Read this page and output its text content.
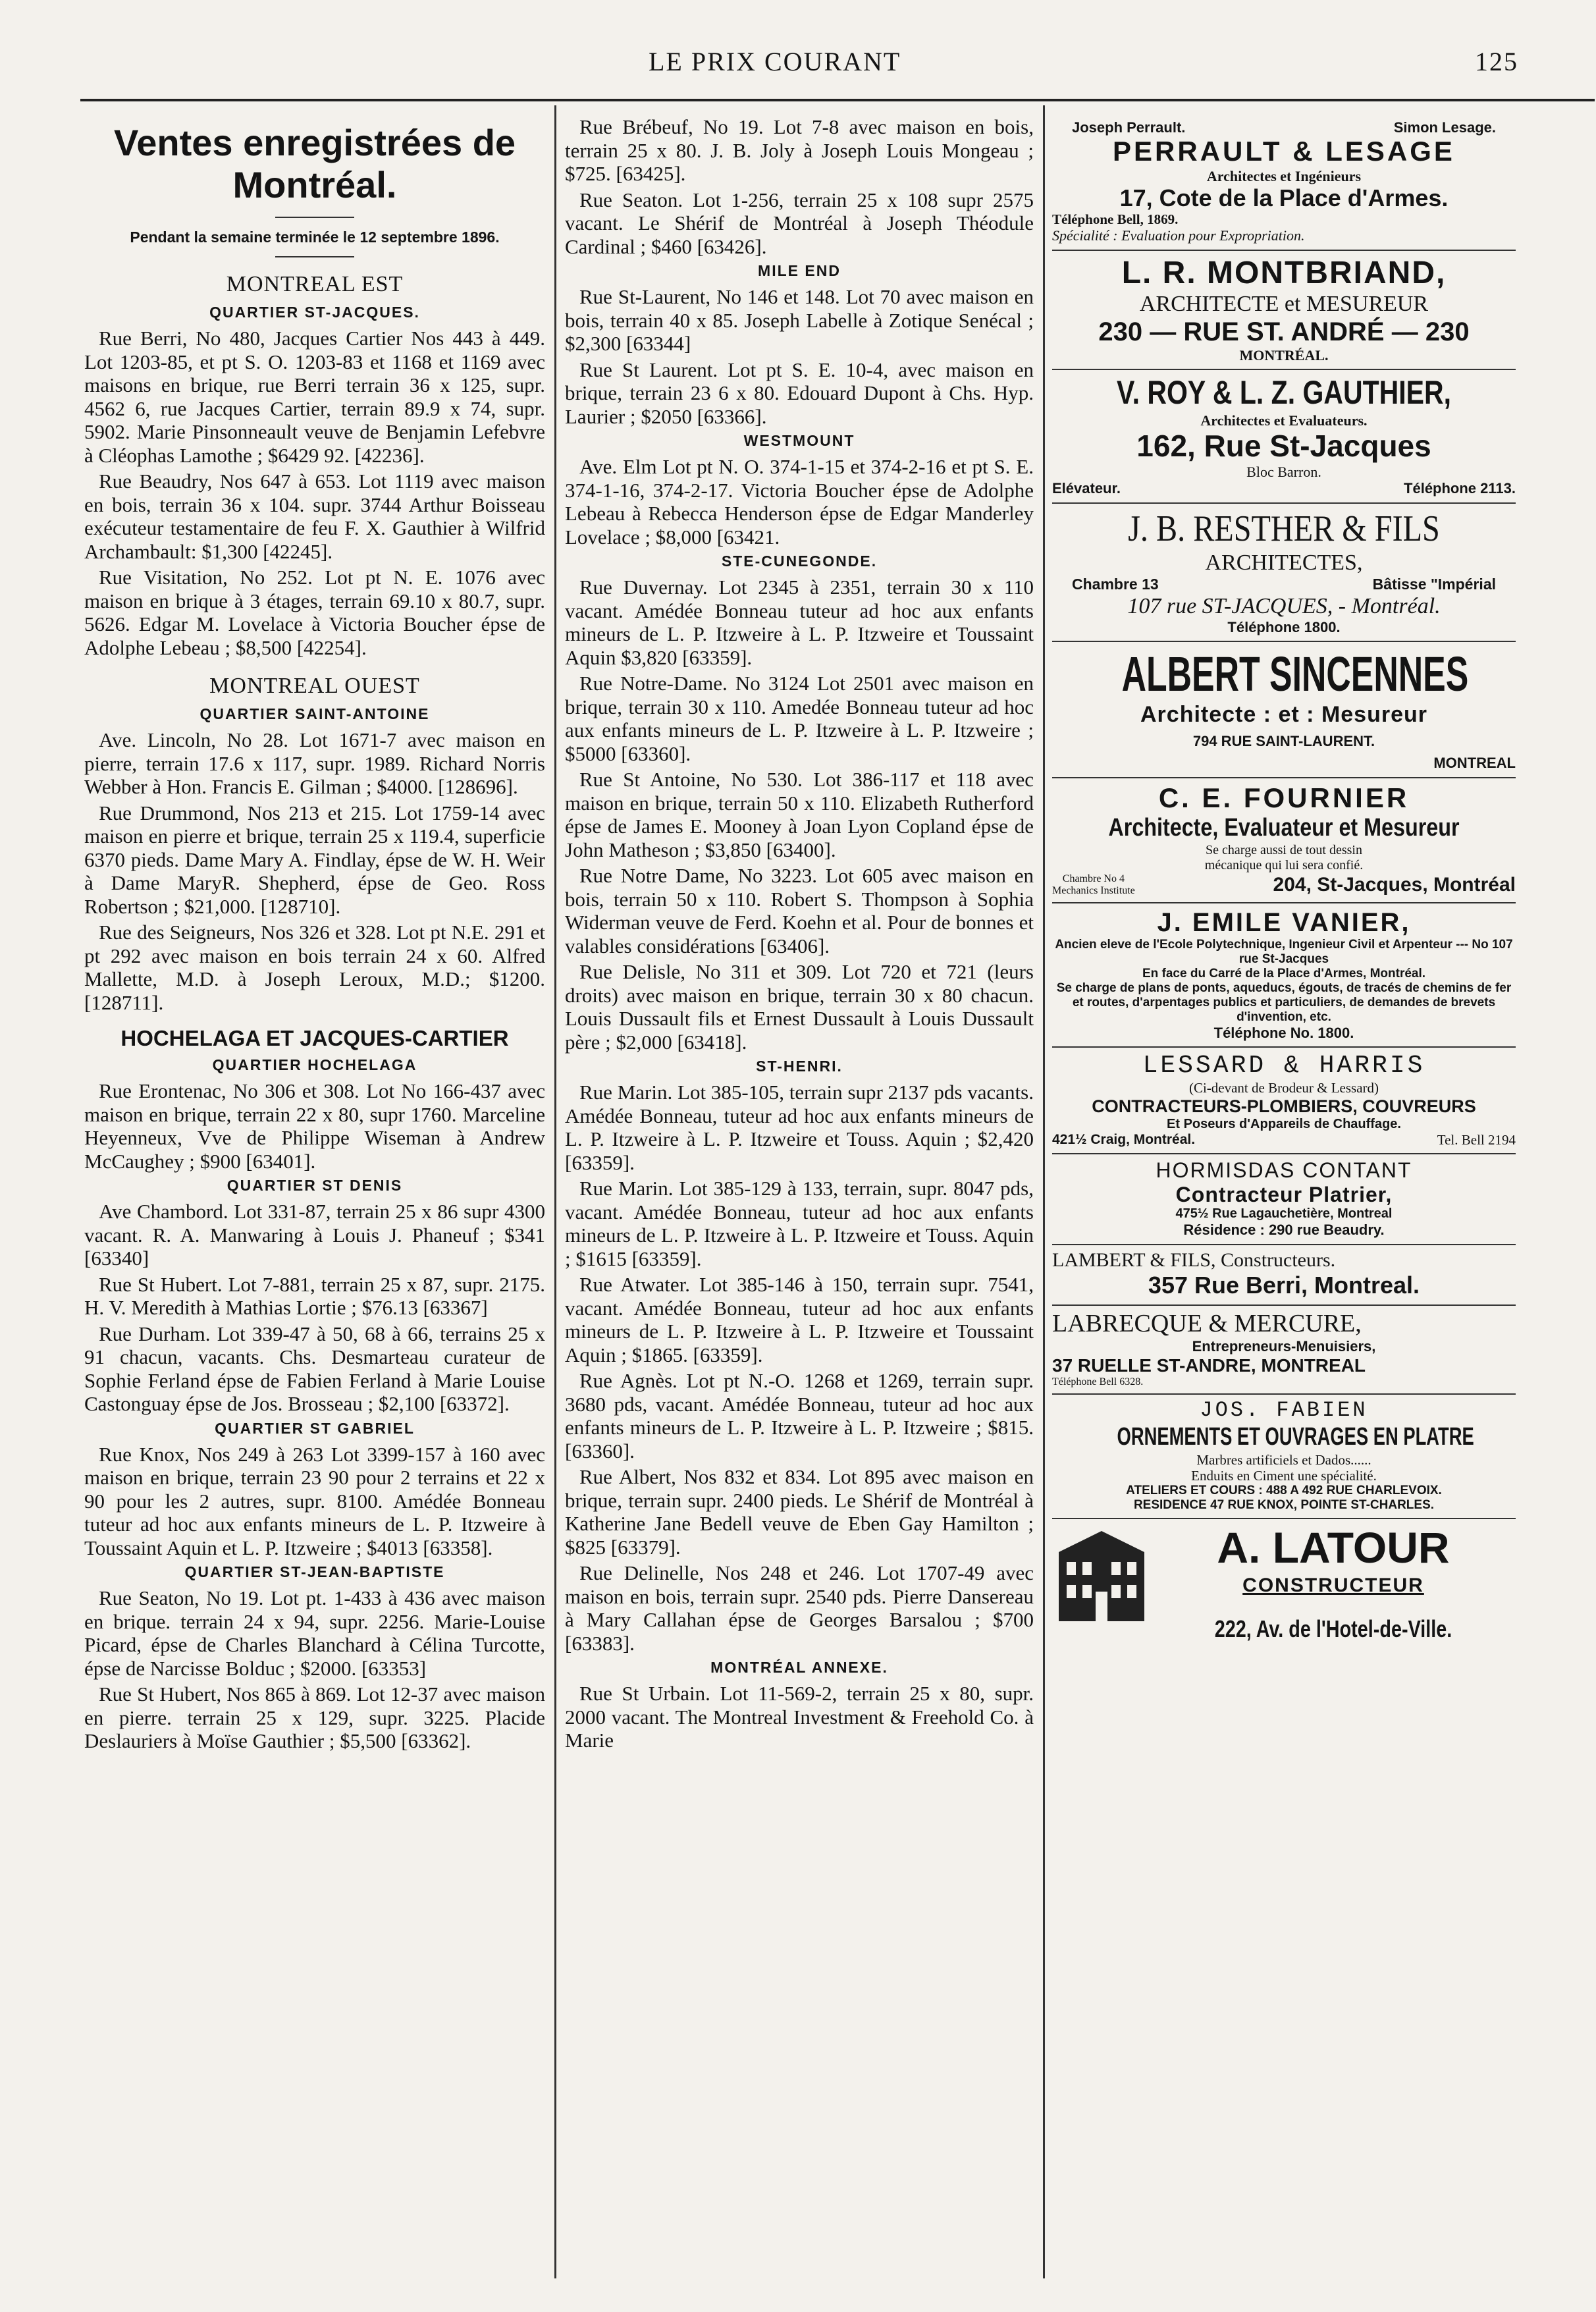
LE PRIX COURANT	125
Ventes enregistrées de Montréal.
Pendant la semaine terminée le 12 septembre 1896.
MONTREAL EST
QUARTIER ST-JACQUES.

Rue Berri, No 480, Jacques Cartier Nos 443 à 449. Lot 1203-85, et pt S. O. 1203-83 et 1168 et 1169 avec maisons en brique, rue Berri terrain 36 x 125, supr. 4562 6, rue Jacques Cartier, terrain 89.9 x 74, supr. 5902. Marie Pinsonneault veuve de Benjamin Lefebvre à Cléophas Lamothe ; $6429 92. [42236].

Rue Beaudry, Nos 647 à 653. Lot 1119 avec maison en bois, terrain 36 x 104. supr. 3744 Arthur Boisseau exécuteur testamentaire de feu F. X. Gauthier à Wilfrid Archambault: $1,300 [42245].

Rue Visitation, No 252. Lot pt N. E. 1076 avec maison en brique à 3 étages, terrain 69.10 x 80.7, supr. 5626. Edgar M. Lovelace à Victoria Boucher épse de Adolphe Lebeau ; $8,500 [42254].

MONTREAL OUEST
QUARTIER SAINT-ANTOINE

Ave. Lincoln, No 28. Lot 1671-7 avec maison en pierre, terrain 17.6 x 117, supr. 1989. Richard Norris Webber à Hon. Francis E. Gilman ; $4000. [128696].

Rue Drummond, Nos 213 et 215. Lot 1759-14 avec maison en pierre et brique, terrain 25 x 119.4, superficie 6370 pieds. Dame Mary A. Findlay, épse de W. H. Weir à Dame MaryR. Shepherd, épse de Geo. Ross Robertson ; $21,000. [128710].

Rue des Seigneurs, Nos 326 et 328. Lot pt N.E. 291 et pt 292 avec maison en bois terrain 24 x 60. Alfred Mallette, M.D. à Joseph Leroux, M.D.; $1200. [128711].

HOCHELAGA ET JACQUES-CARTIER
QUARTIER HOCHELAGA

Rue Erontenac, No 306 et 308. Lot No 166-437 avec maison en brique, terrain 22 x 80, supr 1760. Marceline Heyenneux, Vve de Philippe Wiseman à Andrew McCaughey ; $900 [63401].

QUARTIER ST DENIS

Ave Chambord. Lot 331-87, terrain 25 x 86 supr 4300 vacant. R. A. Manwaring à Louis J. Phaneuf ; $341 [63340]

Rue St Hubert. Lot 7-881, terrain 25 x 87, supr. 2175. H. V. Meredith à Mathias Lortie ; $76.13 [63367]

Rue Durham. Lot 339-47 à 50, 68 à 66, terrains 25 x 91 chacun, vacants. Chs. Desmarteau curateur de Sophie Ferland épse de Fabien Ferland à Marie Louise Castonguay épse de Jos. Brosseau ; $2,100 [63372].

QUARTIER ST GABRIEL

Rue Knox, Nos 249 à 263 Lot 3399-157 à 160 avec maison en brique, terrain 23 90 pour 2 terrains et 22 x 90 pour les 2 autres, supr. 8100. Amédée Bonneau tuteur ad hoc aux enfants mineurs de L. P. Itzweire à Toussaint Aquin et L. P. Itzweire ; $4013 [63358].

QUARTIER ST-JEAN-BAPTISTE

Rue Seaton, No 19. Lot pt. 1-433 à 436 avec maison en brique. terrain 24 x 94, supr. 2256. Marie-Louise Picard, épse de Charles Blanchard à Célina Turcotte, épse de Narcisse Bolduc ; $2000. [63353]

Rue St Hubert, Nos 865 à 869. Lot 12-37 avec maison en pierre. terrain 25 x 129, supr. 3225. Placide Deslauriers à Moïse Gauthier ; $5,500 [63362].

Rue Brébeuf, No 19. Lot 7-8 avec maison en bois, terrain 25 x 80. J. B. Joly à Joseph Louis Mongeau ; $725. [63425].

Rue Seaton. Lot 1-256, terrain 25 x 108 supr 2575 vacant. Le Shérif de Montréal à Joseph Théodule Cardinal ; $460 [63426].

MILE END

Rue St-Laurent, No 146 et 148. Lot 70 avec maison en bois, terrain 40 x 85. Joseph Labelle à Zotique Senécal ; $2,300 [63344]

Rue St Laurent. Lot pt S. E. 10-4, avec maison en brique, terrain 23 6 x 80. Edouard Dupont à Chs. Hyp. Laurier ; $2050 [63366].

WESTMOUNT

Ave. Elm Lot pt N. O. 374-1-15 et 374-2-16 et pt S. E. 374-1-16, 374-2-17. Victoria Boucher épse de Adolphe Lebeau à Rebecca Henderson épse de Edgar Manderley Lovelace ; $8,000 [63421.

STE-CUNEGONDE.

Rue Duvernay. Lot 2345 à 2351, terrain 30 x 110 vacant. Amédée Bonneau tuteur ad hoc aux enfants mineurs de L. P. Itzweire à L. P. Itzweire et Toussaint Aquin $3,820 [63359].

Rue Notre-Dame. No 3124 Lot 2501 avec maison en brique, terrain 30 x 110. Amedée Bonneau tuteur ad hoc aux enfants mineurs de L. P. Itzweire à L. P. Itzweire ; $5000 [63360].

Rue St Antoine, No 530. Lot 386-117 et 118 avec maison en brique, terrain 50 x 110. Elizabeth Rutherford épse de James E. Mooney à Joan Lyon Copland épse de John Matheson ; $3,850 [63400].

Rue Notre Dame, No 3223. Lot 605 avec maison en bois, terrain 50 x 110. Robert S. Thompson à Sophia Widerman veuve de Ferd. Koehn et al. Pour de bonnes et valables considérations [63406].

Rue Delisle, No 311 et 309. Lot 720 et 721 (leurs droits) avec maison en brique, terrain 30 x 80 chacun. Louis Dussault fils et Ernest Dussault à Louis Dussault père ; $2,000 [63418].

ST-HENRI.

Rue Marin. Lot 385-105, terrain supr 2137 pds vacants. Amédée Bonneau, tuteur ad hoc aux enfants mineurs de L. P. Itzweire à L. P. Itzweire et Touss. Aquin ; $2,420 [63359].

Rue Marin. Lot 385-129 à 133, terrain, supr. 8047 pds, vacant. Amédée Bonneau, tuteur ad hoc aux enfants mineurs de L. P. Itzweire à L. P. Itzweire et Touss. Aquin ; $1615 [63359].

Rue Atwater. Lot 385-146 à 150, terrain supr. 7541, vacant. Amédée Bonneau, tuteur ad hoc aux enfants mineurs de L. P. Itzweire à L. P. Itzweire et Toussaint Aquin ; $1865. [63359].

Rue Agnès. Lot pt N.-O. 1268 et 1269, terrain supr. 3680 pds, vacant. Amédée Bonneau, tuteur ad hoc aux enfants mineurs de L. P. Itzweire à L. P. Itzweire ; $815. [63360].

Rue Albert, Nos 832 et 834. Lot 895 avec maison en brique, terrain supr. 2400 pieds. Le Shérif de Montréal à Katherine Jane Bedell veuve de Eben Gay Hamilton ; $825 [63379].

Rue Delinelle, Nos 248 et 246. Lot 1707-49 avec maison en bois, terrain supr. 2540 pds. Pierre Dansereau à Mary Callahan épse de Georges Barsalou ; $700 [63383].

MONTRÉAL ANNEXE.

Rue St Urbain. Lot 11-569-2, terrain 25 x 80, supr. 2000 vacant. The Montreal Investment & Freehold Co. à Marie

Joseph Perrault.	Simon Lesage.
PERRAULT & LESAGE
Architectes et Ingénieurs
17, Cote de la Place d'Armes.
Téléphone Bell, 1869.
Spécialité : Evaluation pour Expropriation.
L. R. MONTBRIAND,
ARCHITECTE et MESUREUR
230 — RUE ST. ANDRÉ — 230
MONTRÉAL.
V. ROY & L. Z. GAUTHIER,
Architectes et Evaluateurs.
162, Rue St-Jacques
Bloc Barron.
Elévateur.	Téléphone 2113.
J. B. RESTHER & FILS
ARCHITECTES,
Chambre 13	Bâtisse "Impérial
107 rue ST-JACQUES, - Montréal.
Téléphone 1800.
ALBERT SINCENNES
Architecte : et : Mesureur
794 RUE SAINT-LAURENT.
MONTREAL
C. E. FOURNIER
Architecte, Evaluateur et Mesureur
Se charge aussi de tout dessin
mécanique qui lui sera confié.
Chambre No 4
Mechanics Institute	204, St-Jacques, Montréal
J. EMILE VANIER,
Ancien eleve de l'Ecole Polytechnique, Ingenieur Civil et Arpenteur --- No 107 rue St-Jacques
En face du Carré de la Place d'Armes, Montréal.
Se charge de plans de ponts, aqueducs, égouts, de tracés de chemins de fer et routes, d'arpentages publics et particuliers, de demandes de brevets d'invention, etc.
Téléphone No. 1800.
LESSARD & HARRIS
(Ci-devant de Brodeur & Lessard)
CONTRACTEURS-PLOMBIERS, COUVREURS
Et Poseurs d'Appareils de Chauffage.
421½ Craig, Montréal.	Tel. Bell 2194
HORMISDAS CONTANT
Contracteur Platrier,
475½ Rue Lagauchetière, Montreal
Résidence : 290 rue Beaudry.
LAMBERT & FILS, Constructeurs.
357 Rue Berri, Montreal.
LABRECQUE & MERCURE,
Entrepreneurs-Menuisiers,
37 RUELLE ST-ANDRE, MONTREAL
Téléphone Bell 6328.
JOS. FABIEN
ORNEMENTS ET OUVRAGES EN PLATRE
Marbres artificiels et Dados......
Enduits en Ciment une spécialité.
ATELIERS ET COURS : 488 A 492 RUE CHARLEVOIX.
RESIDENCE 47 RUE KNOX, POINTE ST-CHARLES.
A. LATOUR
CONSTRUCTEUR
222, Av. de l'Hotel-de-Ville.
